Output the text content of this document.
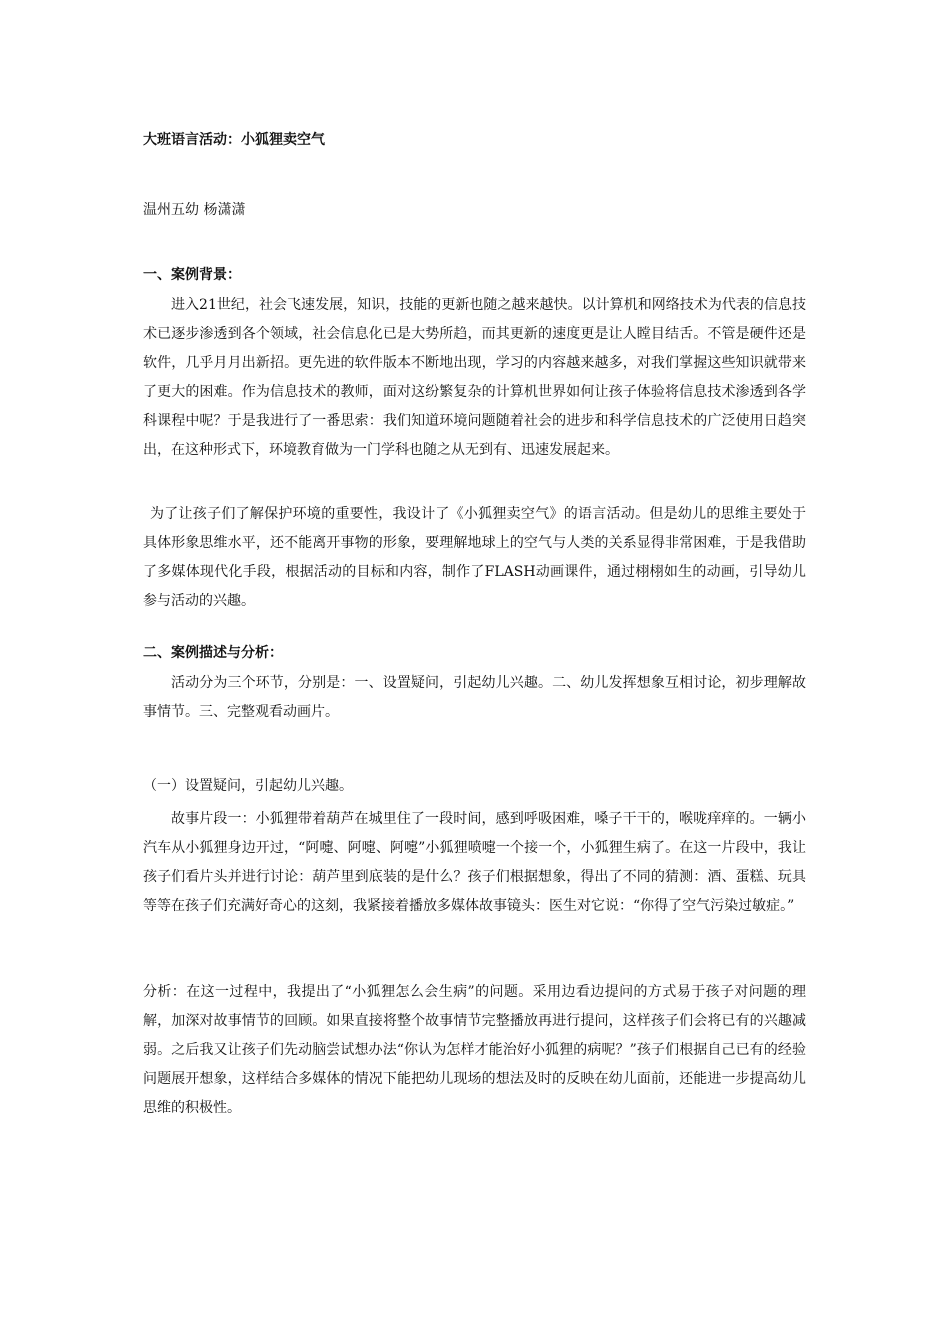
大班语言活动：小狐狸卖空气

温州五幼 杨潇潇

一、案例背景：

进入21世纪，社会飞速发展，知识，技能的更新也随之越来越快。以计算机和网络技术为代表的信息技术已逐步渗透到各个领域，社会信息化已是大势所趋，而其更新的速度更是让人瞠目结舌。不管是硬件还是软件，几乎月月出新招。更先进的软件版本不断地出现，学习的内容越来越多，对我们掌握这些知识就带来了更大的困难。作为信息技术的教师，面对这纷繁复杂的计算机世界如何让孩子体验将信息技术渗透到各学科课程中呢？于是我进行了一番思索：我们知道环境问题随着社会的进步和科学信息技术的广泛使用日趋突出，在这种形式下，环境教育做为一门学科也随之从无到有、迅速发展起来。

为了让孩子们了解保护环境的重要性，我设计了《小狐狸卖空气》的语言活动。但是幼儿的思维主要处于具体形象思维水平，还不能离开事物的形象，要理解地球上的空气与人类的关系显得非常困难，于是我借助了多媒体现代化手段，根据活动的目标和内容，制作了FLASH动画课件，通过栩栩如生的动画，引导幼儿参与活动的兴趣。

二、案例描述与分析：

活动分为三个环节，分别是：一、设置疑问，引起幼儿兴趣。二、幼儿发挥想象互相讨论，初步理解故事情节。三、完整观看动画片。

（一）设置疑问，引起幼儿兴趣。

故事片段一：小狐狸带着葫芦在城里住了一段时间，感到呼吸困难，嗓子干干的，喉咙痒痒的。一辆小汽车从小狐狸身边开过，“阿嚏、阿嚏、阿嚏”小狐狸喷嚏一个接一个，小狐狸生病了。在这一片段中，我让孩子们看片头并进行讨论：葫芦里到底装的是什么？孩子们根据想象，得出了不同的猜测：酒、蛋糕、玩具等等在孩子们充满好奇心的这刻，我紧接着播放多媒体故事镜头：医生对它说：“你得了空气污染过敏症。”

分析：在这一过程中，我提出了“小狐狸怎么会生病”的问题。采用边看边提问的方式易于孩子对问题的理解，加深对故事情节的回顾。如果直接将整个故事情节完整播放再进行提问，这样孩子们会将已有的兴趣减弱。之后我又让孩子们先动脑尝试想办法“你认为怎样才能治好小狐狸的病呢？”孩子们根据自己已有的经验问题展开想象，这样结合多媒体的情况下能把幼儿现场的想法及时的反映在幼儿面前，还能进一步提高幼儿思维的积极性。
